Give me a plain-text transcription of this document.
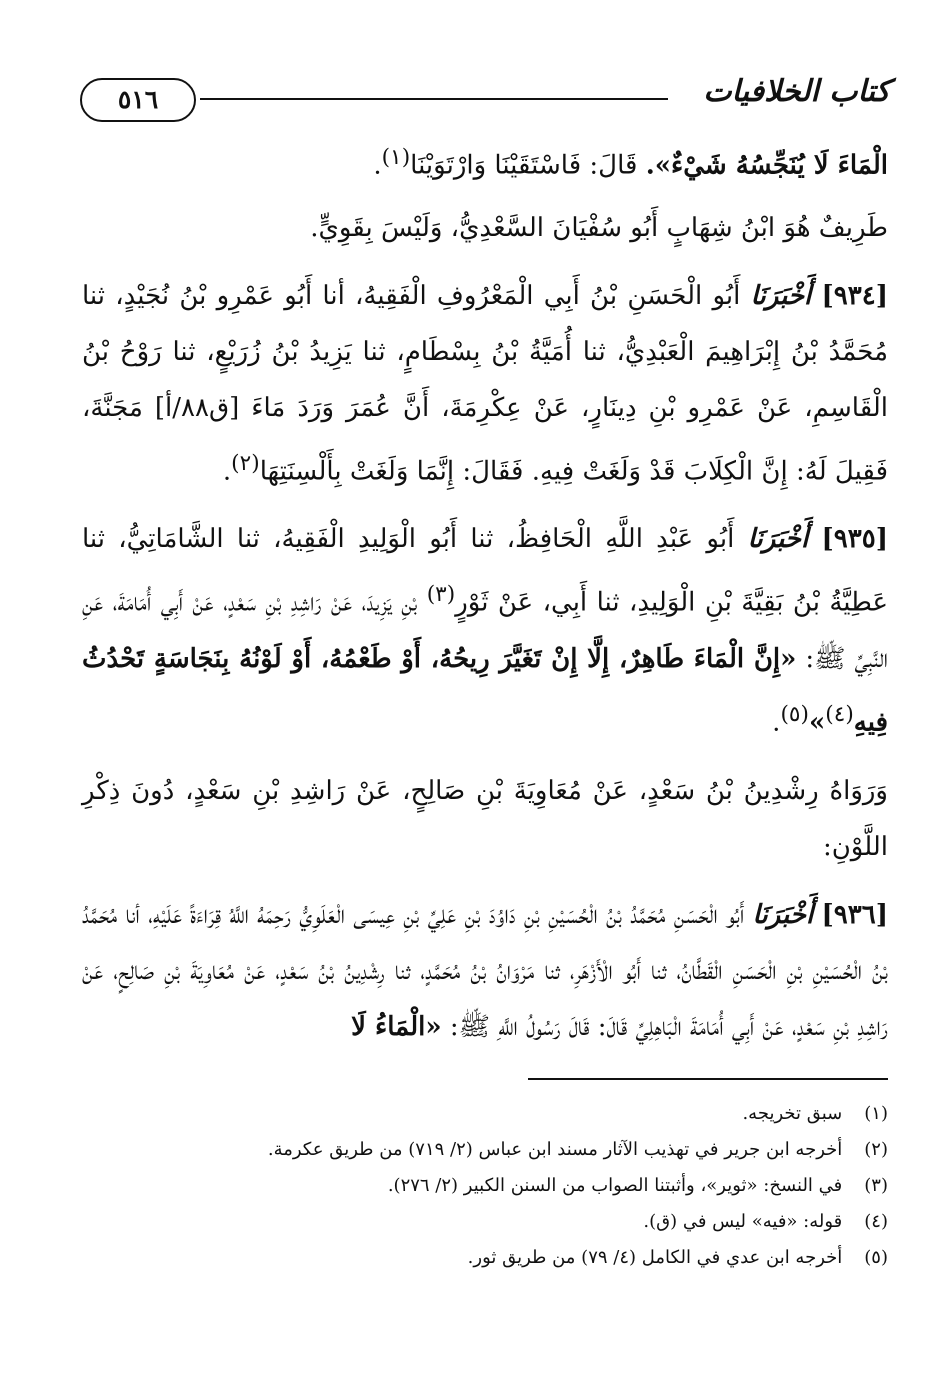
كتاب الخلافيات
٥١٦

الْمَاءَ لَا يُنَجِّسُهُ شَيْءٌ». قَالَ: فَاسْتَقَيْنَا وَارْتَوَيْنَا$^{(١)}$.

طَرِيفٌ هُوَ ابْنُ شِهَابٍ أَبُو سُفْيَانَ السَّعْدِيُّ، وَلَيْسَ بِقَوِيٍّ.

[٩٣٤] أَخْبَرَنَا أَبُو الْحَسَنِ بْنُ أَبِي الْمَعْرُوفِ الْفَقِيهُ، أنا أَبُو عَمْرِو بْنُ نُجَيْدٍ، ثنا مُحَمَّدُ بْنُ إِبْرَاهِيمَ الْعَبْدِيُّ، ثنا أُمَيَّةُ بْنُ بِسْطَامٍ، ثنا يَزِيدُ بْنُ زُرَيْعٍ، ثنا رَوْحُ بْنُ الْقَاسِمِ، عَنْ عَمْرِو بْنِ دِينَارٍ، عَنْ عِكْرِمَةَ، أَنَّ عُمَرَ وَرَدَ مَاءَ [ق٨٨/أ] مَجَنَّةَ، فَقِيلَ لَهُ: إِنَّ الْكِلَابَ قَدْ وَلَغَتْ فِيهِ. فَقَالَ: إِنَّمَا وَلَغَتْ بِأَلْسِنَتِهَا$^{(٢)}$.

[٩٣٥] أَخْبَرَنَا أَبُو عَبْدِ اللَّهِ الْحَافِظُ، ثنا أَبُو الْوَلِيدِ الْفَقِيهُ، ثنا الشَّامَاتِيُّ، ثنا عَطِيَّةُ بْنُ بَقِيَّةَ بْنِ الْوَلِيدِ، ثنا أَبِي، عَنْ ثَوْرٍ$^{(٣)}$ بْنِ يَزِيدَ، عَنْ رَاشِدِ بْنِ سَعْدٍ، عَنْ أَبِي أُمَامَةَ، عَنِ النَّبِيِّ ﷺ: «إِنَّ الْمَاءَ طَاهِرٌ، إِلَّا إِنْ تَغَيَّرَ رِيحُهُ، أَوْ طَعْمُهُ، أَوْ لَوْنُهُ بِنَجَاسَةٍ تَحْدُثُ فِيهِ$^{(٤)}$»$^{(٥)}$.

وَرَوَاهُ رِشْدِينُ بْنُ سَعْدٍ، عَنْ مُعَاوِيَةَ بْنِ صَالِحٍ، عَنْ رَاشِدِ بْنِ سَعْدٍ، دُونَ ذِكْرِ اللَّوْنِ:

[٩٣٦] أَخْبَرَنَا أَبُو الْحَسَنِ مُحَمَّدُ بْنُ الْحُسَيْنِ بْنِ دَاوُدَ بْنِ عَلِيِّ بْنِ عِيسَى الْعَلَوِيُّ رَحِمَهُ اللَّهُ قِرَاءَةً عَلَيْهِ، أنا مُحَمَّدُ بْنُ الْحُسَيْنِ بْنِ الْحَسَنِ الْقَطَّانُ، ثنا أَبُو الْأَزْهَرِ، ثنا مَرْوَانُ بْنُ مُحَمَّدٍ، ثنا رِشْدِينُ بْنُ سَعْدٍ، عَنْ مُعَاوِيَةَ بْنِ صَالِحٍ، عَنْ رَاشِدِ بْنِ سَعْدٍ، عَنْ أَبِي أُمَامَةَ الْبَاهِلِيِّ قَالَ: قَالَ رَسُولُ اللَّهِ ﷺ: «الْمَاءُ لَا

(١) سبق تخريجه.
(٢) أخرجه ابن جرير في تهذيب الآثار مسند ابن عباس (٢/ ٧١٩) من طريق عكرمة.
(٣) في النسخ: «ثوير»، وأثبتنا الصواب من السنن الكبير (٢/ ٢٧٦).
(٤) قوله: «فيه» ليس في (ق).
(٥) أخرجه ابن عدي في الكامل (٤/ ٧٩) من طريق ثور.
